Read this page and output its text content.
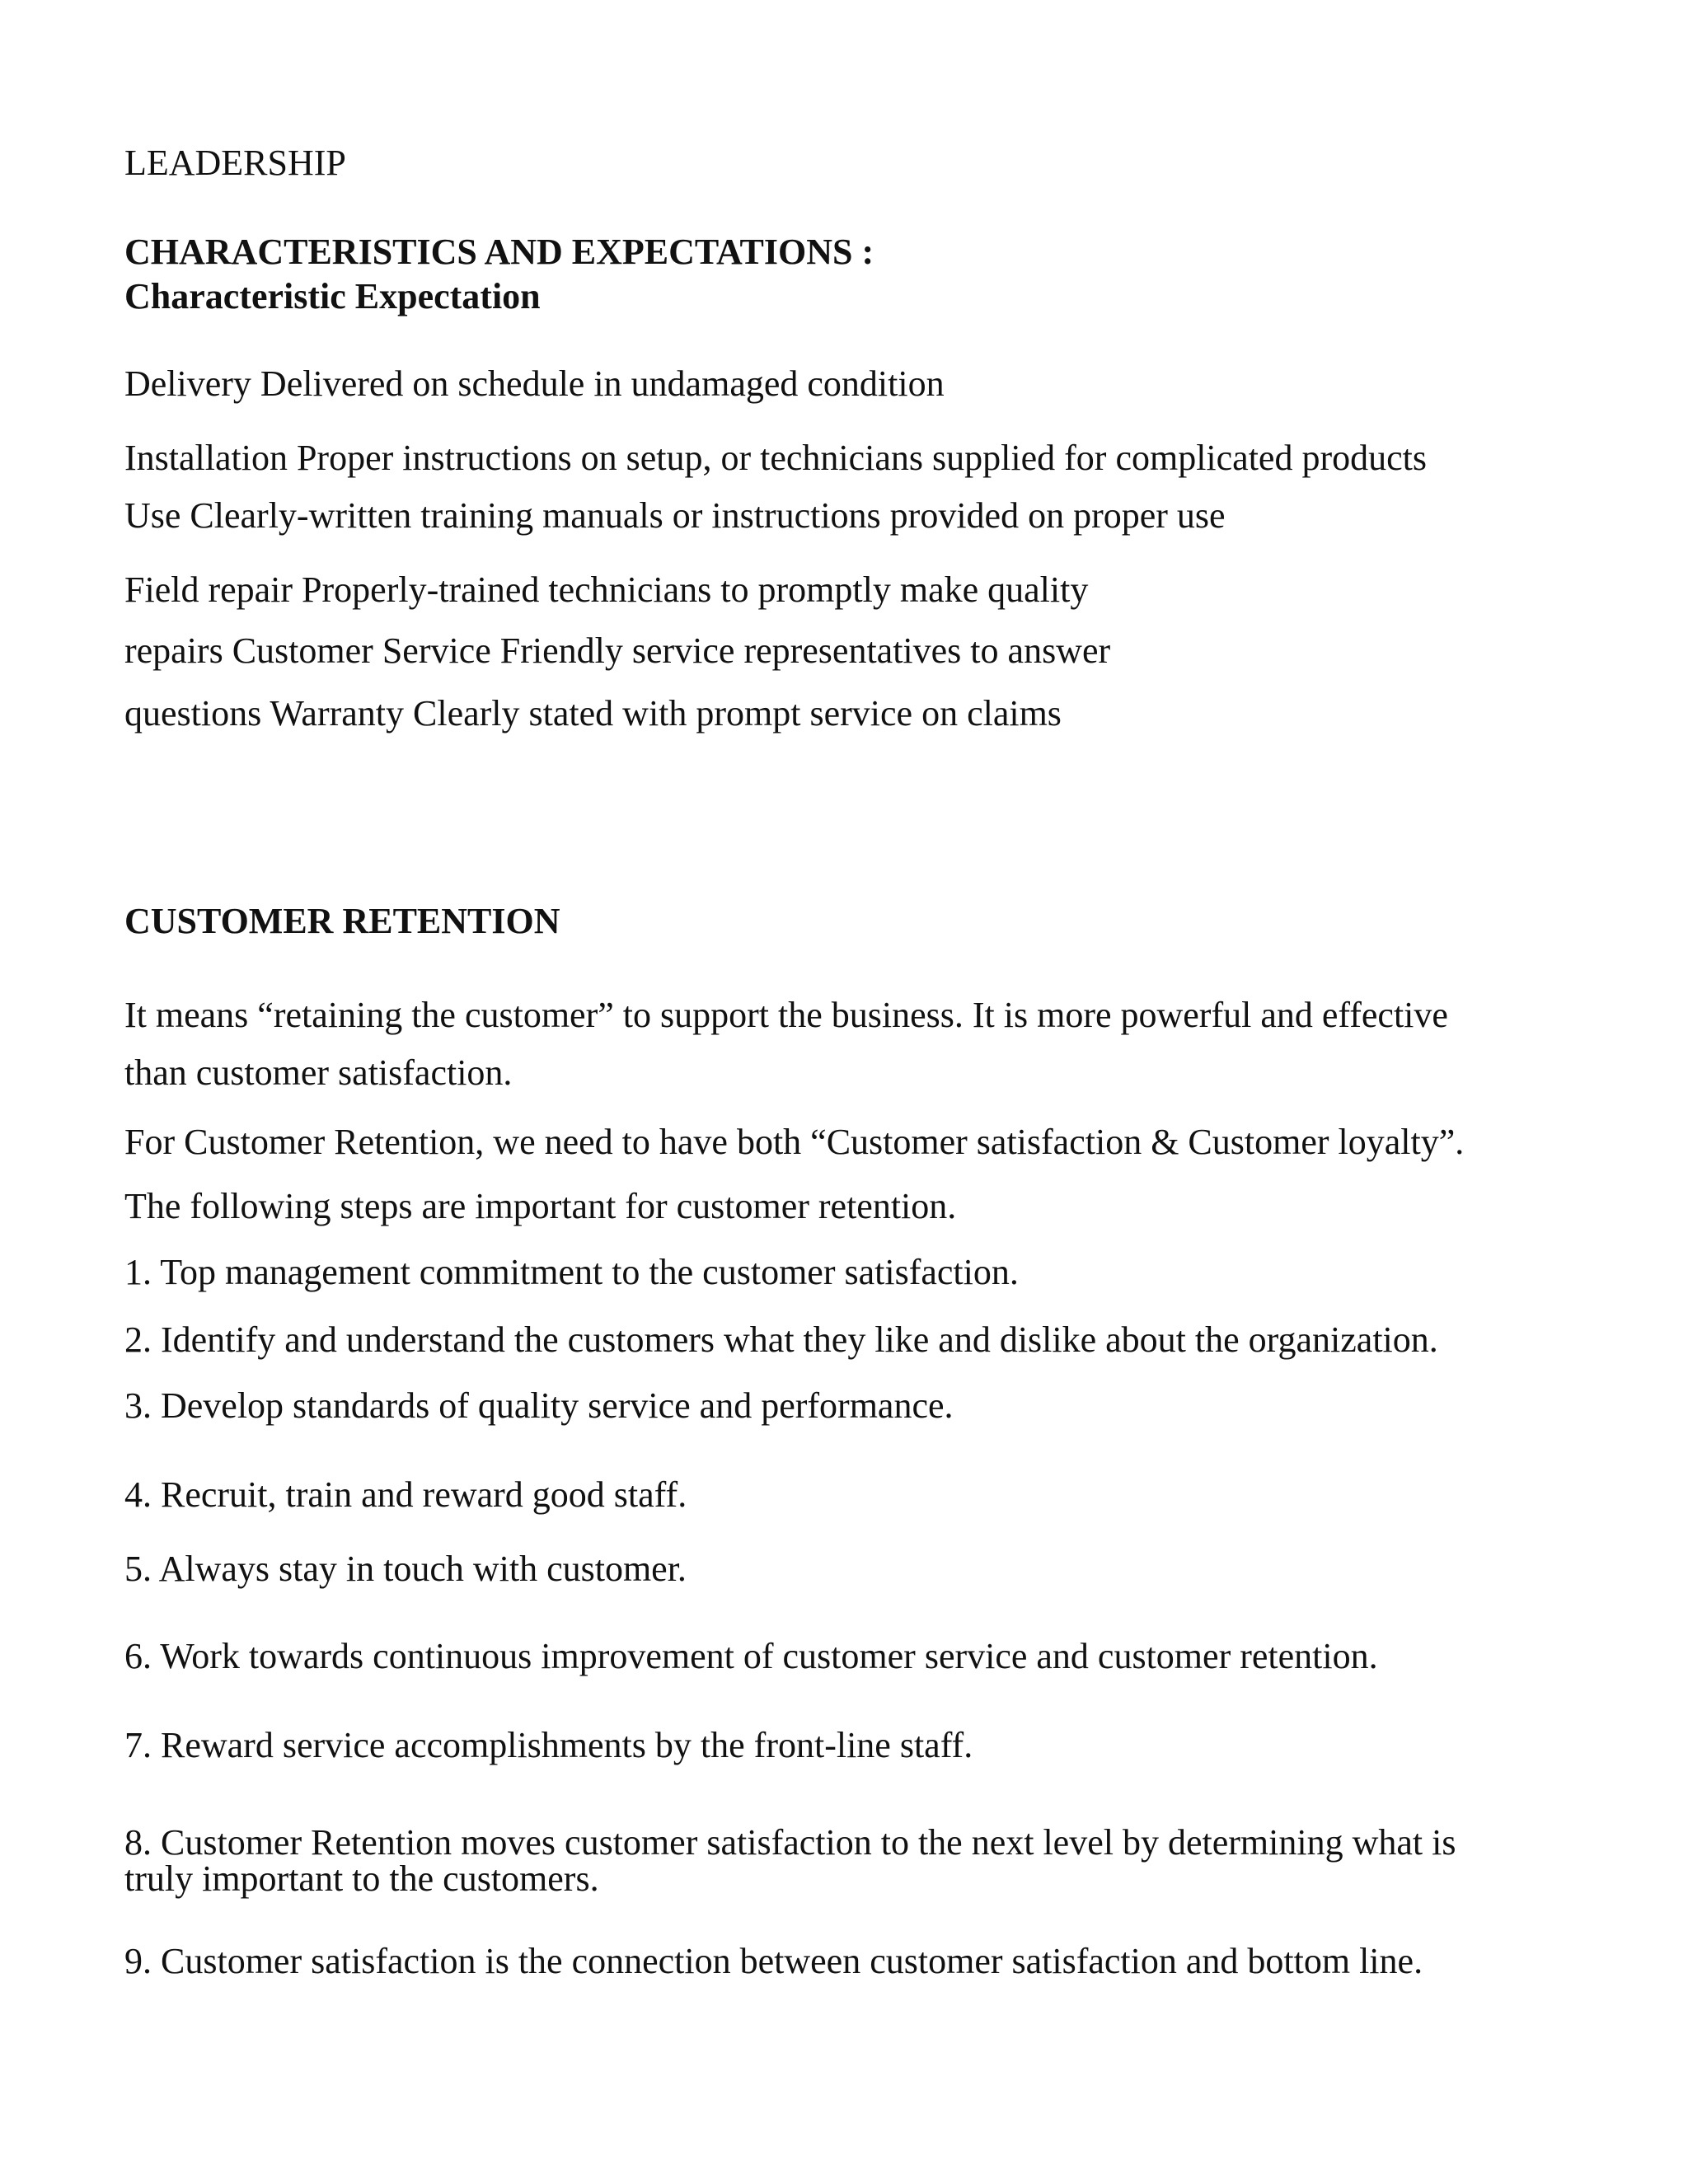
LEADERSHIP
CHARACTERISTICS AND EXPECTATIONS :
Characteristic Expectation
Delivery Delivered on schedule in undamaged condition
Installation Proper instructions on setup, or technicians supplied for complicated products
Use Clearly-written training manuals or instructions provided on proper use
Field repair Properly-trained technicians to promptly make quality
repairs Customer Service Friendly service representatives to answer
questions Warranty Clearly stated with prompt service on claims
CUSTOMER RETENTION
It means “retaining the customer” to support the business. It is more powerful and effective
than customer satisfaction.
For Customer Retention, we need to have both “Customer satisfaction & Customer loyalty”.
The following steps are important for customer retention.
1. Top management commitment to the customer satisfaction.
2. Identify and understand the customers what they like and dislike about the organization.
3. Develop standards of quality service and performance.
4. Recruit, train and reward good staff.
5. Always stay in touch with customer.
6. Work towards continuous improvement of customer service and customer retention.
7. Reward service accomplishments by the front-line staff.
8. Customer Retention moves customer satisfaction to the next level by determining what is
truly important to the customers.
9. Customer satisfaction is the connection between customer satisfaction and bottom line.
